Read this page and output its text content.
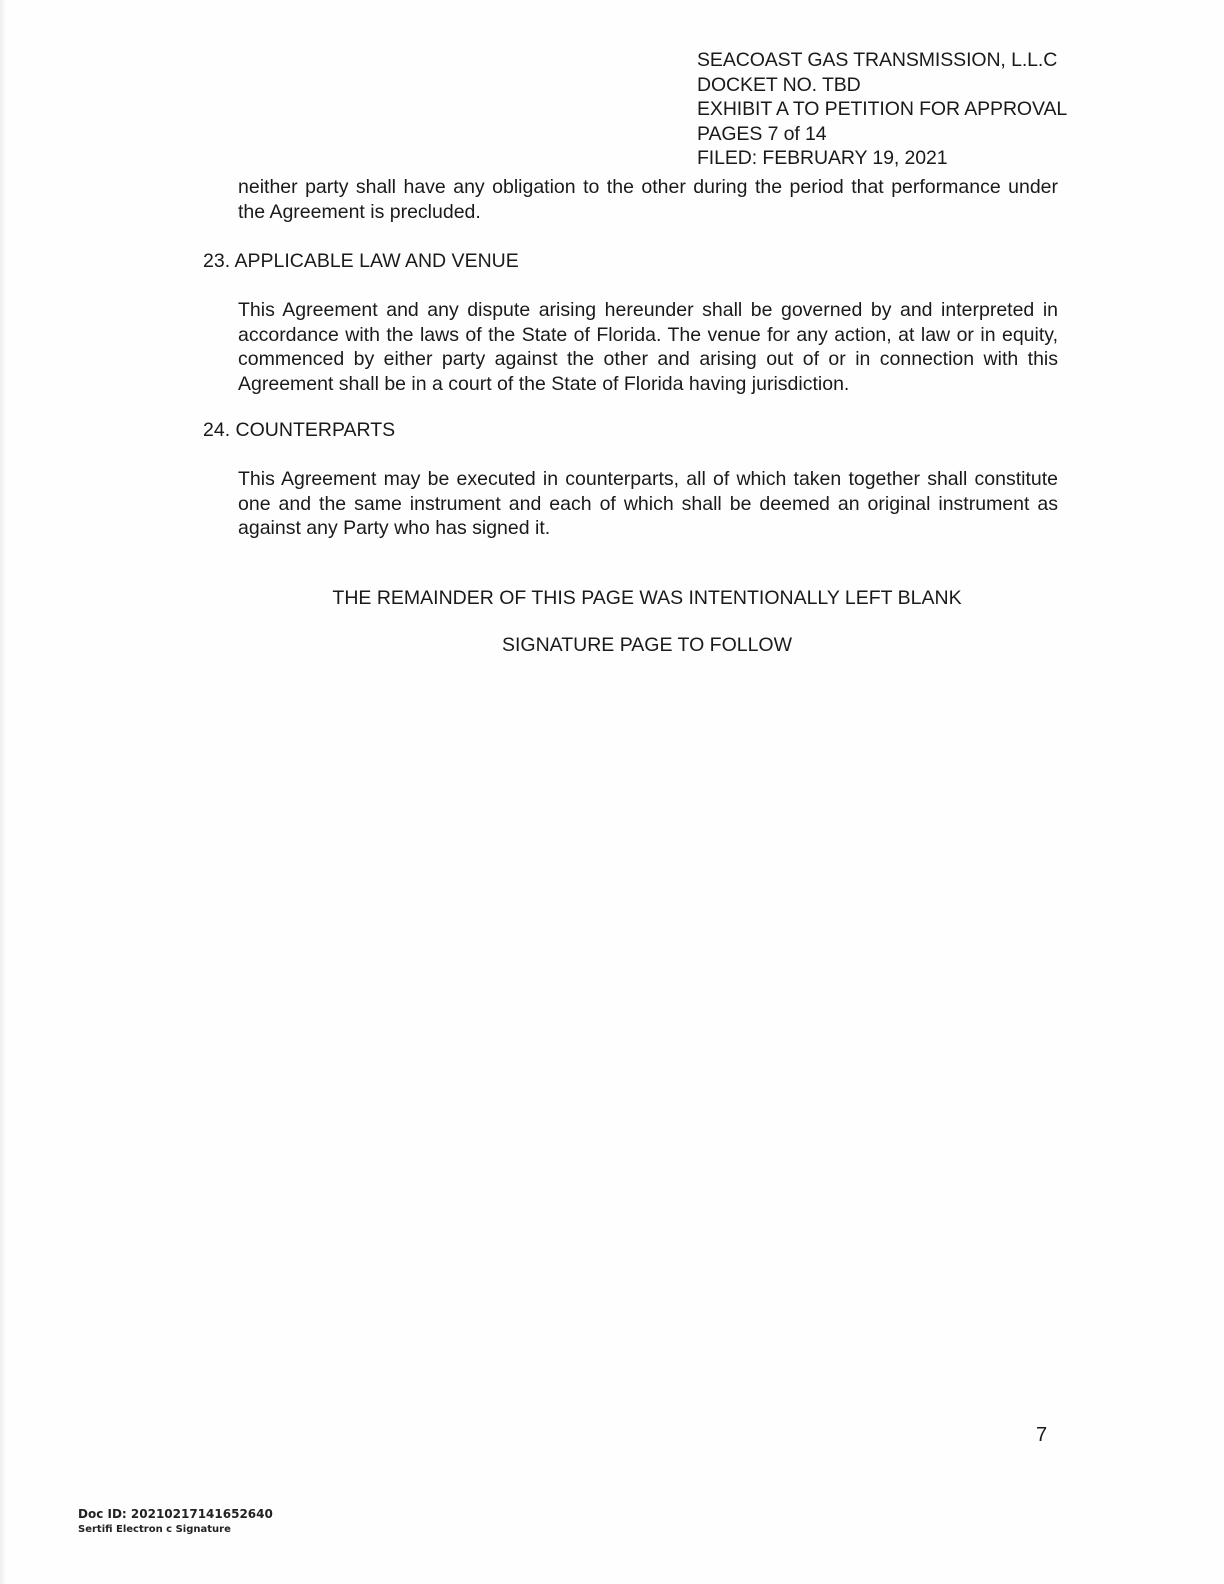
SEACOAST GAS TRANSMISSION, L.L.C
DOCKET NO. TBD
EXHIBIT A TO PETITION FOR APPROVAL
PAGES 7 of 14
FILED: FEBRUARY 19, 2021
neither party shall have any obligation to the other during the period that performance under the Agreement is precluded.
23. APPLICABLE LAW AND VENUE
This Agreement and any dispute arising hereunder shall be governed by and interpreted in accordance with the laws of the State of Florida. The venue for any action, at law or in equity, commenced by either party against the other and arising out of or in connection with this Agreement shall be in a court of the State of Florida having jurisdiction.
24. COUNTERPARTS
This Agreement may be executed in counterparts, all of which taken together shall constitute one and the same instrument and each of which shall be deemed an original instrument as against any Party who has signed it.
THE REMAINDER OF THIS PAGE WAS INTENTIONALLY LEFT BLANK
SIGNATURE PAGE TO FOLLOW
7
Doc ID: 20210217141652640
Sertifi Electron c Signature
